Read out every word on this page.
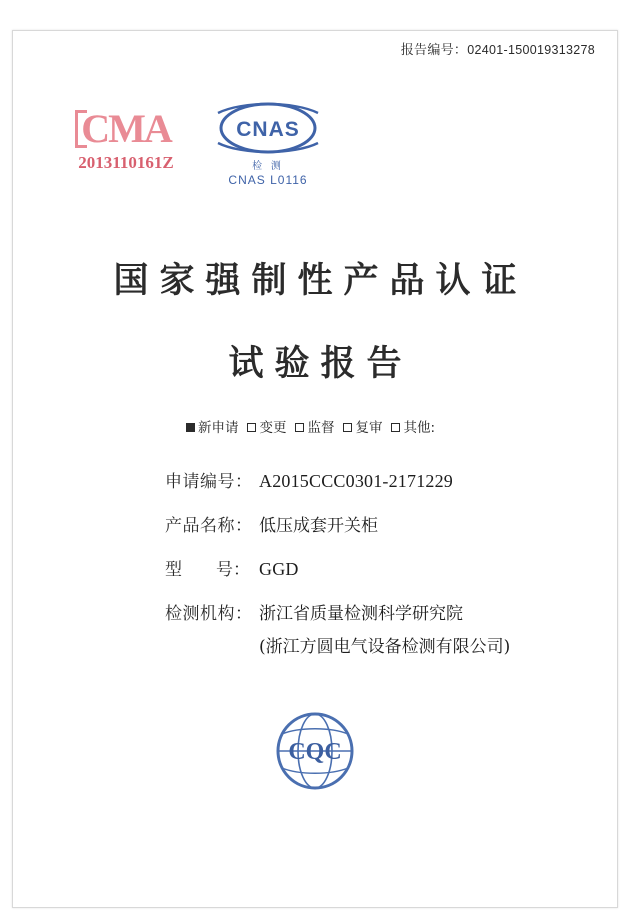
报告编号：02401-150019313278
CMA
2013110161Z
CNAS
检 测
CNAS L0116
国家强制性产品认证
试验报告
新申请 变更 监督 复审 其他:
申请编号： A2015CCC0301-2171229
产品名称： 低压成套开关柜
型　　号： GGD
检测机构： 浙江省质量检测科学研究院
(浙江方圆电气设备检测有限公司)
CQC
